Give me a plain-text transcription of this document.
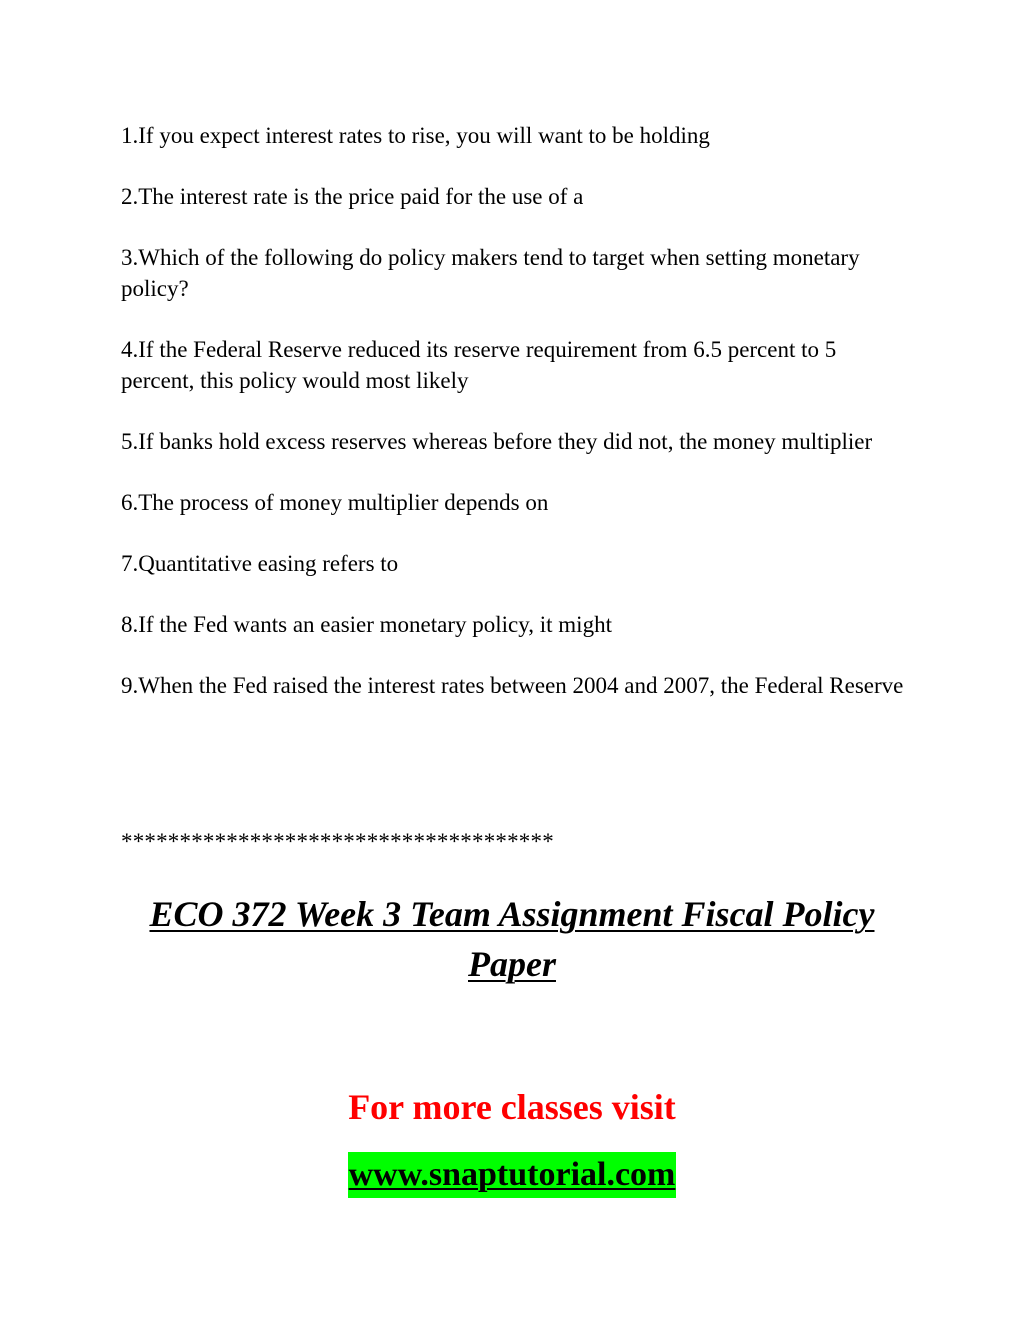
1.If you expect interest rates to rise, you will want to be holding
2.The interest rate is the price paid for the use of a
3.Which of the following do policy makers tend to target when setting monetary policy?
4.If the Federal Reserve reduced its reserve requirement from 6.5 percent to 5 percent, this policy would most likely
5.If banks hold excess reserves whereas before they did not, the money multiplier
6.The process of money multiplier depends on
7.Quantitative easing refers to
8.If the Fed wants an easier monetary policy, it might
9.When the Fed raised the interest rates between 2004 and 2007, the Federal Reserve
*************************************
ECO 372 Week 3 Team Assignment Fiscal Policy Paper
For more classes visit
www.snaptutorial.com
